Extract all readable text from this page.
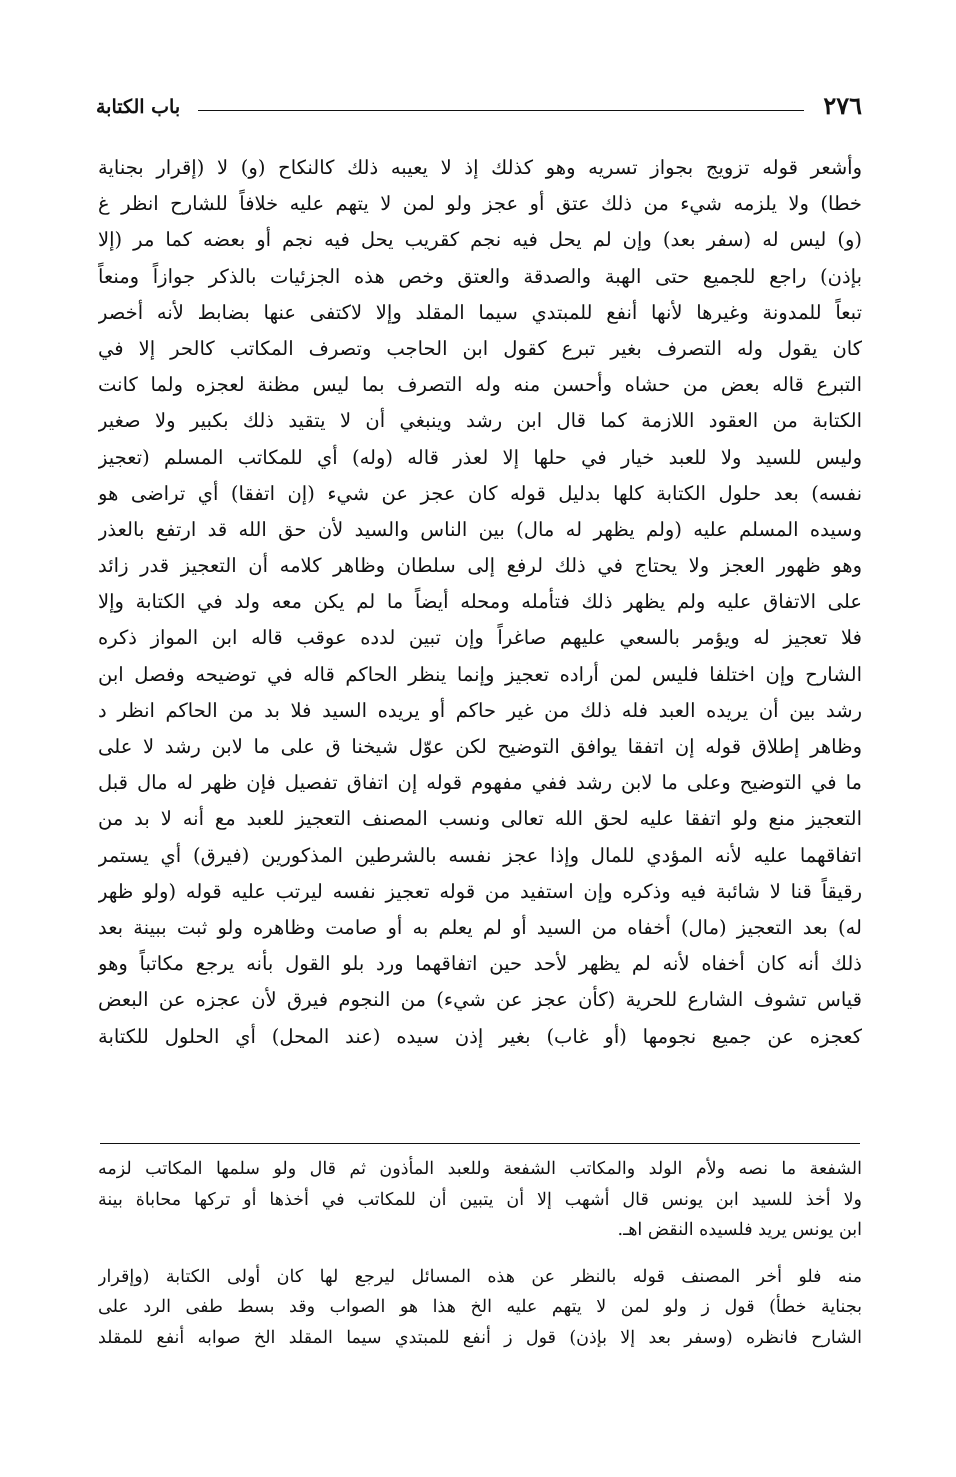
باب الكتابة	٢٧٦
وأشعر قوله تزويج بجواز تسريه وهو كذلك إذ لا يعيبه ذلك كالنكاح (و) لا (إقرار بجناية
خطا) ولا يلزمه شيء من ذلك عتق أو عجز ولو لمن لا يتهم عليه خلافاً للشارح انظر غ
(و) ليس له (سفر بعد) وإن لم يحل فيه نجم كقريب يحل فيه نجم أو بعضه كما مر (إلا
بإذن) راجع للجميع حتى الهبة والصدقة والعتق وخص هذه الجزئيات بالذكر جوازاً ومنعاً
تبعاً للمدونة وغيرها لأنها أنفع للمبتدي سيما المقلد وإلا لاكتفى عنها بضابط لأنه أخصر
كان يقول وله التصرف بغير تبرع كقول ابن الحاجب وتصرف المكاتب كالحر إلا في
التبرع قاله بعض من حشاه وأحسن منه وله التصرف بما ليس مظنة لعجزه ولما كانت
الكتابة من العقود اللازمة كما قال ابن رشد وينبغي أن لا يتقيد ذلك بكبير ولا صغير
وليس للسيد ولا للعبد خيار في حلها إلا لعذر قاله (وله) أي للمكاتب المسلم (تعجيز
نفسه) بعد حلول الكتابة كلها بدليل قوله كان عجز عن شيء (إن اتفقا) أي تراضى هو
وسيده المسلم عليه (ولم يظهر له مال) بين الناس والسيد لأن حق الله قد ارتفع بالعذر
وهو ظهور العجز ولا يحتاج في ذلك لرفع إلى سلطان وظاهر كلامه أن التعجيز قدر زائد
على الاتفاق عليه ولم يظهر ذلك فتأمله ومحله أيضاً ما لم يكن معه ولد في الكتابة وإلا
فلا تعجيز له ويؤمر بالسعي عليهم صاغراً وإن تبين لدده عوقب قاله ابن المواز ذكره
الشارح وإن اختلفا فليس لمن أراده تعجيز وإنما ينظر الحاكم قاله في توضيحه وفصل ابن
رشد بين أن يريده العبد فله ذلك من غير حاكم أو يريده السيد فلا بد من الحاكم انظر د
وظاهر إطلاق قوله إن اتفقا يوافق التوضيح لكن عوّل شيخنا ق على ما لابن رشد لا على
ما في التوضيح وعلى ما لابن رشد ففي مفهوم قوله إن اتفاق تفصيل فإن ظهر له مال قبل
التعجيز منع ولو اتفقا عليه لحق الله تعالى ونسب المصنف التعجيز للعبد مع أنه لا بد من
اتفاقهما عليه لأنه المؤدي للمال وإذا عجز نفسه بالشرطين المذكورين (فيرق) أي يستمر
رقيقاً قنا لا شائبة فيه وذكره وإن استفيد من قوله تعجيز نفسه ليرتب عليه قوله (ولو ظهر
له) بعد التعجيز (مال) أخفاه من السيد أو لم يعلم به أو صامت وظاهره ولو ثبت ببينة بعد
ذلك أنه كان أخفاه لأنه لم يظهر لأحد حين اتفاقهما ورد بلو القول بأنه يرجع مكاتباً وهو
قياس تشوف الشارع للحرية (كأن عجز عن شيء) من النجوم فيرق لأن عجزه عن البعض
كعجزه عن جميع نجومها (أو غاب) بغير إذن سيده (عند المحل) أي الحلول للكتابة
الشفعة ما نصه ولأم الولد والمكاتب الشفعة وللعبد المأذون ثم قال ولو سلمها المكاتب لزمه
ولا أخذ للسيد ابن يونس قال أشهب إلا أن يتبين أن للمكاتب في أخذها أو تركها محاباة بينة
ابن يونس يريد فلسيده النقض اهـ.
منه فلو أخر المصنف قوله بالنظر عن هذه المسائل ليرجع لها كان أولى الكتابة (وإقرار
بجناية خطأ) قول ز ولو لمن لا يتهم عليه الخ هذا هو الصواب وقد بسط طفى الرد على
الشارح فانظره (وسفر بعد إلا بإذن) قول ز أنفع للمبتدي سيما المقلد الخ صوابه أنفع للمقلد
